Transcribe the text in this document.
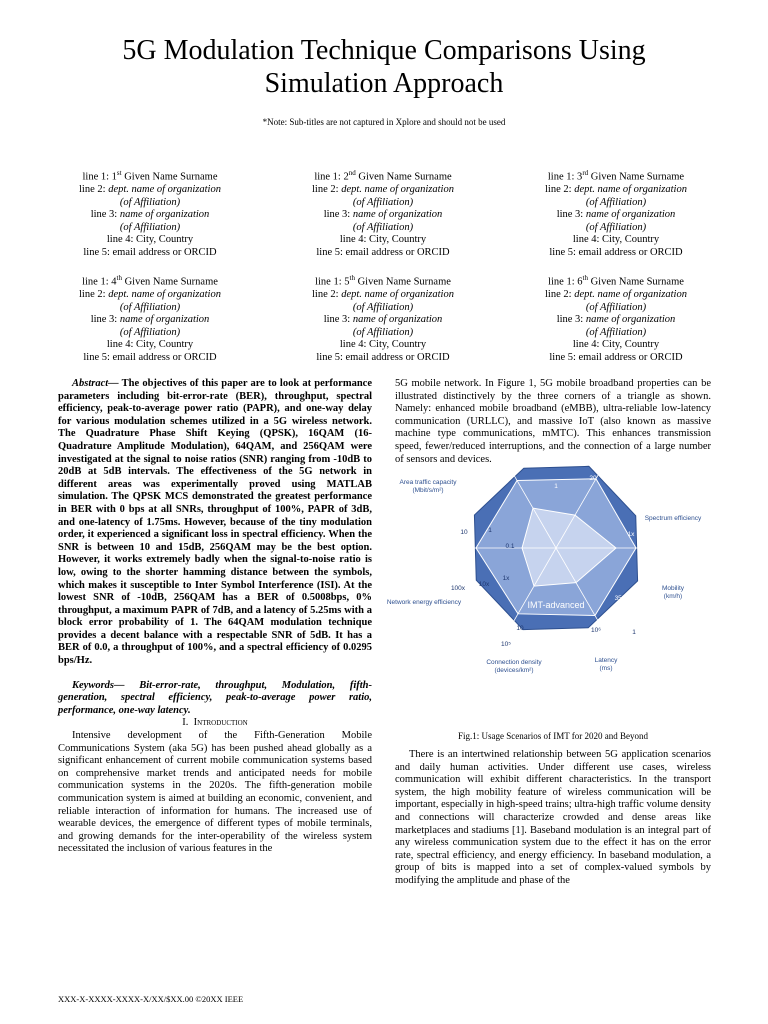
5G Modulation Technique Comparisons Using
Simulation Approach
*Note: Sub-titles are not captured in Xplore and should not be used
line 1: 1st Given Name Surname
line 2: dept. name of organization
(of Affiliation)
line 3: name of organization
(of Affiliation)
line 4: City, Country
line 5: email address or ORCID
line 1: 2nd Given Name Surname
line 2: dept. name of organization
(of Affiliation)
line 3: name of organization
(of Affiliation)
line 4: City, Country
line 5: email address or ORCID
line 1: 3rd Given Name Surname
line 2: dept. name of organization
(of Affiliation)
line 3: name of organization
(of Affiliation)
line 4: City, Country
line 5: email address or ORCID
line 1: 4th Given Name Surname
line 2: dept. name of organization
(of Affiliation)
line 3: name of organization
(of Affiliation)
line 4: City, Country
line 5: email address or ORCID
line 1: 5th Given Name Surname
line 2: dept. name of organization
(of Affiliation)
line 3: name of organization
(of Affiliation)
line 4: City, Country
line 5: email address or ORCID
line 1: 6th Given Name Surname
line 2: dept. name of organization
(of Affiliation)
line 3: name of organization
(of Affiliation)
line 4: City, Country
line 5: email address or ORCID

Abstract— The objectives of this paper are to look at performance parameters including bit-error-rate (BER), throughput, spectral efficiency, peak-to-average power ratio (PAPR), and one-way delay for various modulation schemes utilized in a 5G wireless network. The Quadrature Phase Shift Keying (QPSK), 16QAM (16-Quadrature Amplitude Modulation), 64QAM, and 256QAM were investigated at the signal to noise ratios (SNR) ranging from -10dB to 20dB at 5dB intervals. The effectiveness of the 5G network in different areas was experimentally proved using MATLAB simulation. The QPSK MCS demonstrated the greatest performance in BER with 0 bps at all SNRs, throughput of 100%, PAPR of 3dB, and one-latency of 1.75ms. However, because of the tiny modulation order, it experienced a significant loss in spectral efficiency. When the SNR is between 10 and 15dB, 256QAM may be the best option. However, it works extremely badly when the signal-to-noise ratio is low, owing to the shorter hamming distance between the symbols, which makes it susceptible to Inter Symbol Interference (ISI). At the lowest SNR of -10dB, 256QAM has a BER of 0.5008bps, 0% throughput, a maximum PAPR of 7dB, and a latency of 5.25ms with a block error probability of 1. The 64QAM modulation technique provides a decent balance with a respectable SNR of 5dB. It has a BER of 0.0, a throughput of 100%, and a spectral efficiency of 0.0295 bps/Hz.

Keywords— Bit-error-rate, throughput, Modulation, fifth-generation, spectral efficiency, peak-to-average power ratio, performance, one-way latency.

I. Introduction

Intensive development of the Fifth-Generation Mobile Communications System (aka 5G) has been pushed ahead globally as a significant enhancement of current mobile communication systems based on comprehensive market trends and anticipated needs for mobile communication systems in the 2020s. The fifth-generation mobile communication system is aimed at building an economic, convenient, and reliable interaction of information for humans. The increased use of wearable devices, the emergence of different types of mobile terminals, and growing demands for the inter-operability of the wireless system necessitated the inclusion of various features in the

5G mobile network. In Figure 1, 5G mobile broadband properties can be illustrated distinctively by the three corners of a triangle as shown. Namely: enhanced mobile broadband (eMBB), ultra-reliable low-latency communication (URLLC), and massive IoT (also known as massive machine type communications, mMTC). This enhances transmission speed, fewer/reduced interruptions, and the connection of a large number of sensors and devices.	IMT-2020
IMT-advanced
Area traffic capacity (Mbit/s/m²)
Spectrum efficiency
Mobility (km/h)
Latency (ms)
Connection density (devices/km²)
Network energy efficiency
10	1
0.1
1x
10x
100x
3x
1x
350
400
500
1
10
10⁵
10⁶
20
1
Fig.1: Usage Scenarios of IMT for 2020 and Beyond

There is an intertwined relationship between 5G application scenarios and daily human activities. Under different use cases, wireless communication will exhibit different characteristics. In the transport system, the high mobility feature of wireless communication will be important, especially in high-speed trains; ultra-high traffic volume density and connections will characterize crowded and dense areas like marketplaces and stadiums [1]. Baseband modulation is an integral part of any wireless communication system due to the effect it has on the error rate, spectral efficiency, and energy efficiency. In baseband modulation, a group of bits is mapped into a set of complex-valued symbols by modifying the amplitude and phase of the

XXX-X-XXXX-XXXX-X/XX/$XX.00 ©20XX IEEE
